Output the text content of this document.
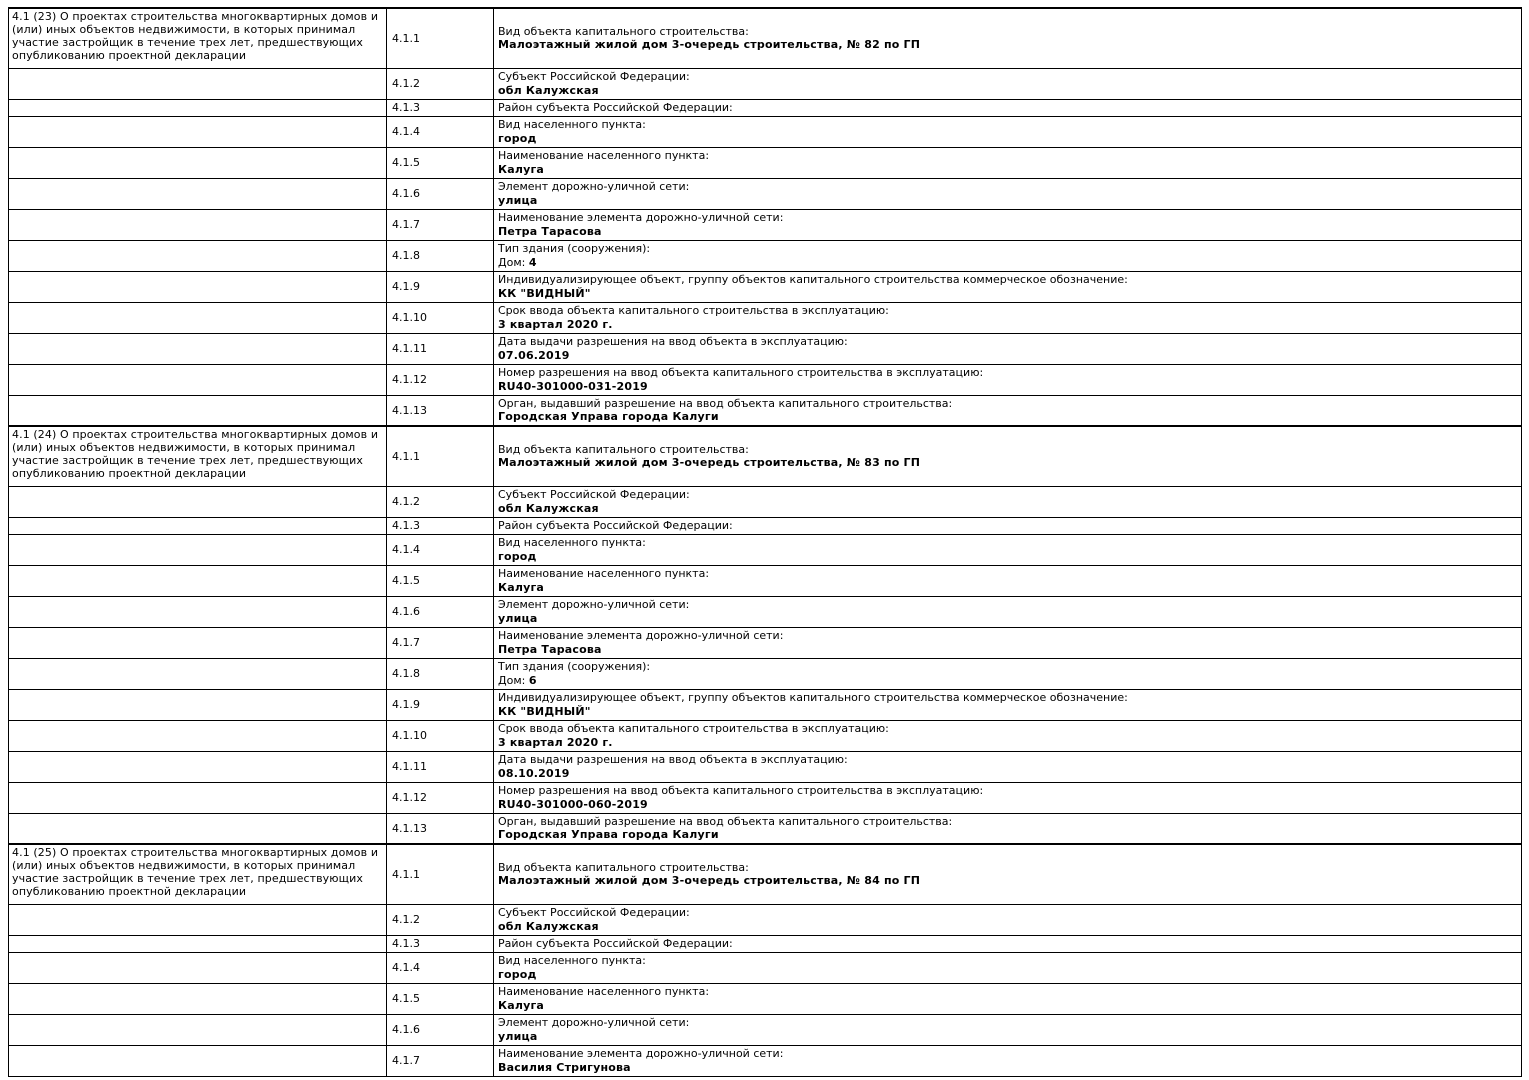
4.1 (23) О проектах строительства многоквартирных домов и (или) иных объектов недвижимости, в которых принимал участие застройщик в течение трех лет, предшествующих опубликованию проектной декларации	4.1.1	Вид объекта капитального строительства:
Малоэтажный жилой дом 3-очередь строительства, № 82 по ГП

	4.1.2	Субъект Российской Федерации:
обл Калужская

	4.1.3	Район субъекта Российской Федерации:

	4.1.4	Вид населенного пункта:
город

	4.1.5	Наименование населенного пункта:
Калуга

	4.1.6	Элемент дорожно-уличной сети:
улица

	4.1.7	Наименование элемента дорожно-уличной сети:
Петра Тарасова

	4.1.8	Тип здания (сооружения):
Дом: 4

	4.1.9	Индивидуализирующее объект, группу объектов капитального строительства коммерческое обозначение:
КК "ВИДНЫЙ"

	4.1.10	Срок ввода объекта капитального строительства в эксплуатацию:
3 квартал 2020 г.

	4.1.11	Дата выдачи разрешения на ввод объекта в эксплуатацию:
07.06.2019

	4.1.12	Номер разрешения на ввод объекта капитального строительства в эксплуатацию:
RU40-301000-031-2019

	4.1.13	Орган, выдавший разрешение на ввод объекта капитального строительства:
Городская Управа города Калуги

4.1 (24) О проектах строительства многоквартирных домов и (или) иных объектов недвижимости, в которых принимал участие застройщик в течение трех лет, предшествующих опубликованию проектной декларации	4.1.1	Вид объекта капитального строительства:
Малоэтажный жилой дом 3-очередь строительства, № 83 по ГП

	4.1.2	Субъект Российской Федерации:
обл Калужская

	4.1.3	Район субъекта Российской Федерации:

	4.1.4	Вид населенного пункта:
город

	4.1.5	Наименование населенного пункта:
Калуга

	4.1.6	Элемент дорожно-уличной сети:
улица

	4.1.7	Наименование элемента дорожно-уличной сети:
Петра Тарасова

	4.1.8	Тип здания (сооружения):
Дом: 6

	4.1.9	Индивидуализирующее объект, группу объектов капитального строительства коммерческое обозначение:
КК "ВИДНЫЙ"

	4.1.10	Срок ввода объекта капитального строительства в эксплуатацию:
3 квартал 2020 г.

	4.1.11	Дата выдачи разрешения на ввод объекта в эксплуатацию:
08.10.2019

	4.1.12	Номер разрешения на ввод объекта капитального строительства в эксплуатацию:
RU40-301000-060-2019

	4.1.13	Орган, выдавший разрешение на ввод объекта капитального строительства:
Городская Управа города Калуги

4.1 (25) О проектах строительства многоквартирных домов и (или) иных объектов недвижимости, в которых принимал участие застройщик в течение трех лет, предшествующих опубликованию проектной декларации	4.1.1	Вид объекта капитального строительства:
Малоэтажный жилой дом 3-очередь строительства, № 84 по ГП

	4.1.2	Субъект Российской Федерации:
обл Калужская

	4.1.3	Район субъекта Российской Федерации:

	4.1.4	Вид населенного пункта:
город

	4.1.5	Наименование населенного пункта:
Калуга

	4.1.6	Элемент дорожно-уличной сети:
улица

	4.1.7	Наименование элемента дорожно-уличной сети:
Василия Стригунова
